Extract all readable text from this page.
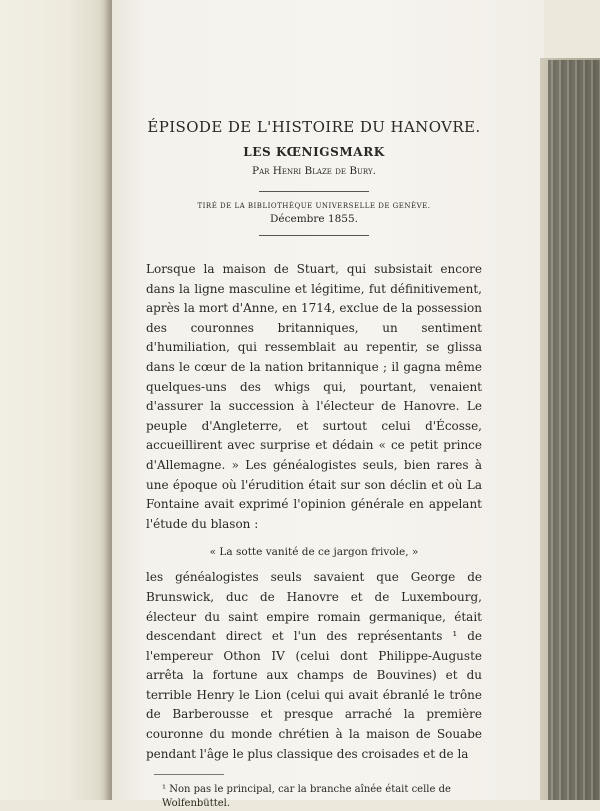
ÉPISODE DE L'HISTOIRE DU HANOVRE.
LES KŒNIGSMARK
Par Henri Blaze de Bury.
TIRÉ DE LA BIBLIOTHÈQUE UNIVERSELLE DE GENÈVE.
Décembre 1855.

Lorsque la maison de Stuart, qui subsistait encore dans la ligne masculine et légitime, fut définitivement, après la mort d'Anne, en 1714, exclue de la possession des couronnes britanniques, un sentiment d'humiliation, qui ressemblait au repentir, se glissa dans le cœur de la nation britannique ; il gagna même quelques-uns des whigs qui, pourtant, venaient d'assurer la succession à l'électeur de Hanovre. Le peuple d'Angleterre, et surtout celui d'Écosse, accueillirent avec surprise et dédain « ce petit prince d'Allemagne. » Les généalogistes seuls, bien rares à une époque où l'érudition était sur son déclin et où La Fontaine avait exprimé l'opinion générale en appelant l'étude du blason :

« La sotte vanité de ce jargon frivole, »

les généalogistes seuls savaient que George de Brunswick, duc de Hanovre et de Luxembourg, électeur du saint empire romain germanique, était descendant direct et l'un des représentants ¹ de l'empereur Othon IV (celui dont Philippe-Auguste arrêta la fortune aux champs de Bouvines) et du terrible Henry le Lion (celui qui avait ébranlé le trône de Barberousse et presque arraché la première couronne du monde chrétien à la maison de Souabe pendant l'âge le plus classique des croisades et de la

¹ Non pas le principal, car la branche aînée était celle de Wolfenbüttel.
